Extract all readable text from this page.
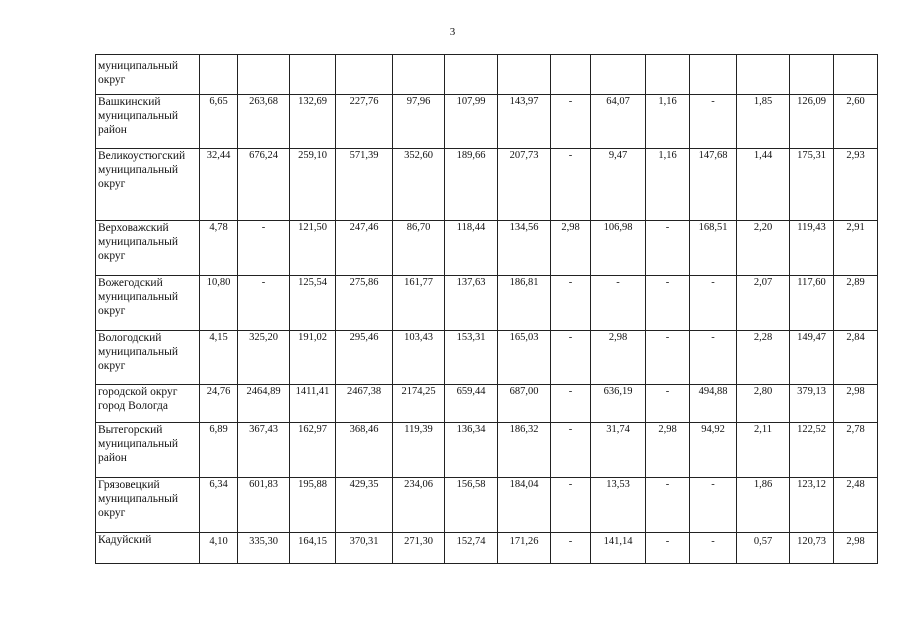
3
муниципальный округ														
Вашкинский муниципальный район	6,65	263,68	132,69	227,76	97,96	107,99	143,97	-	64,07	1,16	-	1,85	126,09	2,60
Великоустюгский муниципальный округ	32,44	676,24	259,10	571,39	352,60	189,66	207,73	-	9,47	1,16	147,68	1,44	175,31	2,93
Верховажский муниципальный округ	4,78	-	121,50	247,46	86,70	118,44	134,56	2,98	106,98	-	168,51	2,20	119,43	2,91
Вожегодский муниципальный округ	10,80	-	125,54	275,86	161,77	137,63	186,81	-	-	-	-	2,07	117,60	2,89
Вологодский муниципальный округ	4,15	325,20	191,02	295,46	103,43	153,31	165,03	-	2,98	-	-	2,28	149,47	2,84
городской округ город Вологда	24,76	2464,89	1411,41	2467,38	2174,25	659,44	687,00	-	636,19	-	494,88	2,80	379,13	2,98
Вытегорский муниципальный район	6,89	367,43	162,97	368,46	119,39	136,34	186,32	-	31,74	2,98	94,92	2,11	122,52	2,78
Грязовецкий муниципальный округ	6,34	601,83	195,88	429,35	234,06	156,58	184,04	-	13,53	-	-	1,86	123,12	2,48
Кадуйский	4,10	335,30	164,15	370,31	271,30	152,74	171,26	-	141,14	-	-	0,57	120,73	2,98
